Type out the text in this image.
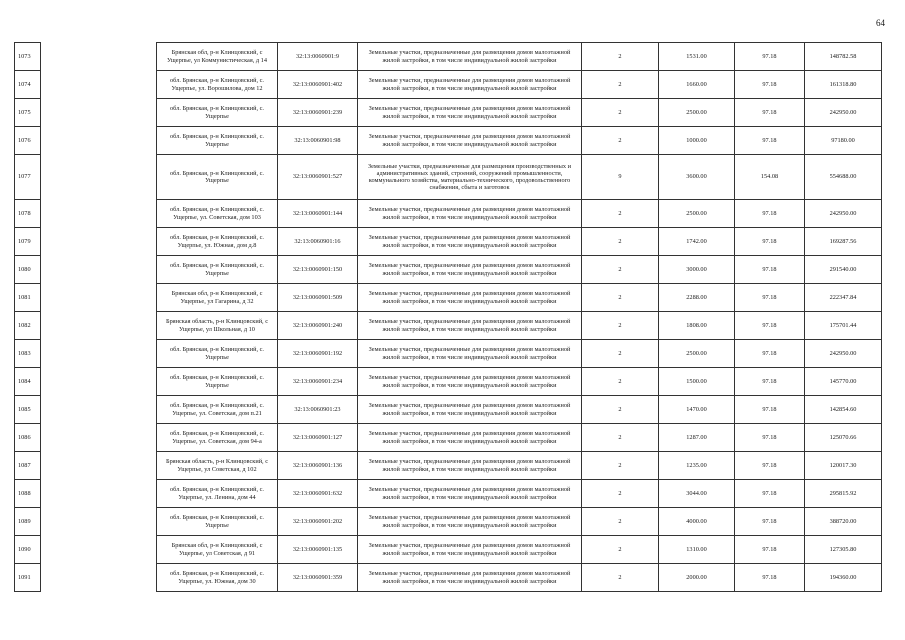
64
1073		Брянская обл, р-н Клинцовский, с Ущерпье, ул Коммунистическая, д 14	32:13:0060901:9	Земельные участки, предназначенные для размещения домов малоэтажной жилой застройки, в том числе индивидуальной жилой застройки	2	1531.00	97.18	148782.58
1074		обл. Брянская, р-н Клинцовский, с. Ущерпье, ул. Ворошилова, дом 12	32:13:0060901:402	Земельные участки, предназначенные для размещения домов малоэтажной жилой застройки, в том числе индивидуальной жилой застройки	2	1660.00	97.18	161318.80
1075		обл. Брянская, р-н Клинцовский, с. Ущерпье	32:13:0060901:239	Земельные участки, предназначенные для размещения домов малоэтажной жилой застройки, в том числе индивидуальной жилой застройки	2	2500.00	97.18	242950.00
1076		обл. Брянская, р-н Клинцовский, с. Ущерпье	32:13:0060901:98	Земельные участки, предназначенные для размещения домов малоэтажной жилой застройки, в том числе индивидуальной жилой застройки	2	1000.00	97.18	97180.00
1077		обл. Брянская, р-н Клинцовский, с. Ущерпье	32:13:0060901:527	Земельные участки, предназначенные для размещения производственных и административных зданий, строений, сооружений промышленности, коммунального хозяйства, материально-технического, продовольственного снабжения, сбыта и заготовок	9	3600.00	154.08	554688.00
1078		обл. Брянская, р-н Клинцовский, с. Ущерпье, ул. Советская, дом 103	32:13:0060901:144	Земельные участки, предназначенные для размещения домов малоэтажной жилой застройки, в том числе индивидуальной жилой застройки	2	2500.00	97.18	242950.00
1079		обл. Брянская, р-н Клинцовский, с. Ущерпье, ул. Южная, дом д.8	32:13:0060901:16	Земельные участки, предназначенные для размещения домов малоэтажной жилой застройки, в том числе индивидуальной жилой застройки	2	1742.00	97.18	169287.56
1080		обл. Брянская, р-н Клинцовский, с. Ущерпье	32:13:0060901:150	Земельные участки, предназначенные для размещения домов малоэтажной жилой застройки, в том числе индивидуальной жилой застройки	2	3000.00	97.18	291540.00
1081		Брянская обл, р-н Клинцовский, с Ущерпье, ул Гагарина, д 32	32:13:0060901:509	Земельные участки, предназначенные для размещения домов малоэтажной жилой застройки, в том числе индивидуальной жилой застройки	2	2288.00	97.18	222347.84
1082		Брянская область, р-н Клинцовский, с Ущерпье, ул Школьная, д 10	32:13:0060901:240	Земельные участки, предназначенные для размещения домов малоэтажной жилой застройки, в том числе индивидуальной жилой застройки	2	1808.00	97.18	175701.44
1083		обл. Брянская, р-н Клинцовский, с. Ущерпье	32:13:0060901:192	Земельные участки, предназначенные для размещения домов малоэтажной жилой застройки, в том числе индивидуальной жилой застройки	2	2500.00	97.18	242950.00
1084		обл. Брянская, р-н Клинцовский, с. Ущерпье	32:13:0060901:234	Земельные участки, предназначенные для размещения домов малоэтажной жилой застройки, в том числе индивидуальной жилой застройки	2	1500.00	97.18	145770.00
1085		обл. Брянская, р-н Клинцовский, с. Ущерпье, ул. Советская, дом п.21	32:13:0060901:23	Земельные участки, предназначенные для размещения домов малоэтажной жилой застройки, в том числе индивидуальной жилой застройки	2	1470.00	97.18	142854.60
1086		обл. Брянская, р-н Клинцовский, с. Ущерпье, ул. Советская, дом 94-а	32:13:0060901:127	Земельные участки, предназначенные для размещения домов малоэтажной жилой застройки, в том числе индивидуальной жилой застройки	2	1287.00	97.18	125070.66
1087		Брянская область, р-н Клинцовский, с Ущерпье, ул Советская, д 102	32:13:0060901:136	Земельные участки, предназначенные для размещения домов малоэтажной жилой застройки, в том числе индивидуальной жилой застройки	2	1235.00	97.18	120017.30
1088		обл. Брянская, р-н Клинцовский, с. Ущерпье, ул. Ленина, дом 44	32:13:0060901:632	Земельные участки, предназначенные для размещения домов малоэтажной жилой застройки, в том числе индивидуальной жилой застройки	2	3044.00	97.18	295815.92
1089		обл. Брянская, р-н Клинцовский, с. Ущерпье	32:13:0060901:202	Земельные участки, предназначенные для размещения домов малоэтажной жилой застройки, в том числе индивидуальной жилой застройки	2	4000.00	97.18	388720.00
1090		Брянская обл, р-н Клинцовский, с Ущерпье, ул Советская, д 91	32:13:0060901:135	Земельные участки, предназначенные для размещения домов малоэтажной жилой застройки, в том числе индивидуальной жилой застройки	2	1310.00	97.18	127305.80
1091		обл. Брянская, р-н Клинцовский, с. Ущерпье, ул. Южная, дом 30	32:13:0060901:359	Земельные участки, предназначенные для размещения домов малоэтажной жилой застройки, в том числе индивидуальной жилой застройки	2	2000.00	97.18	194360.00
